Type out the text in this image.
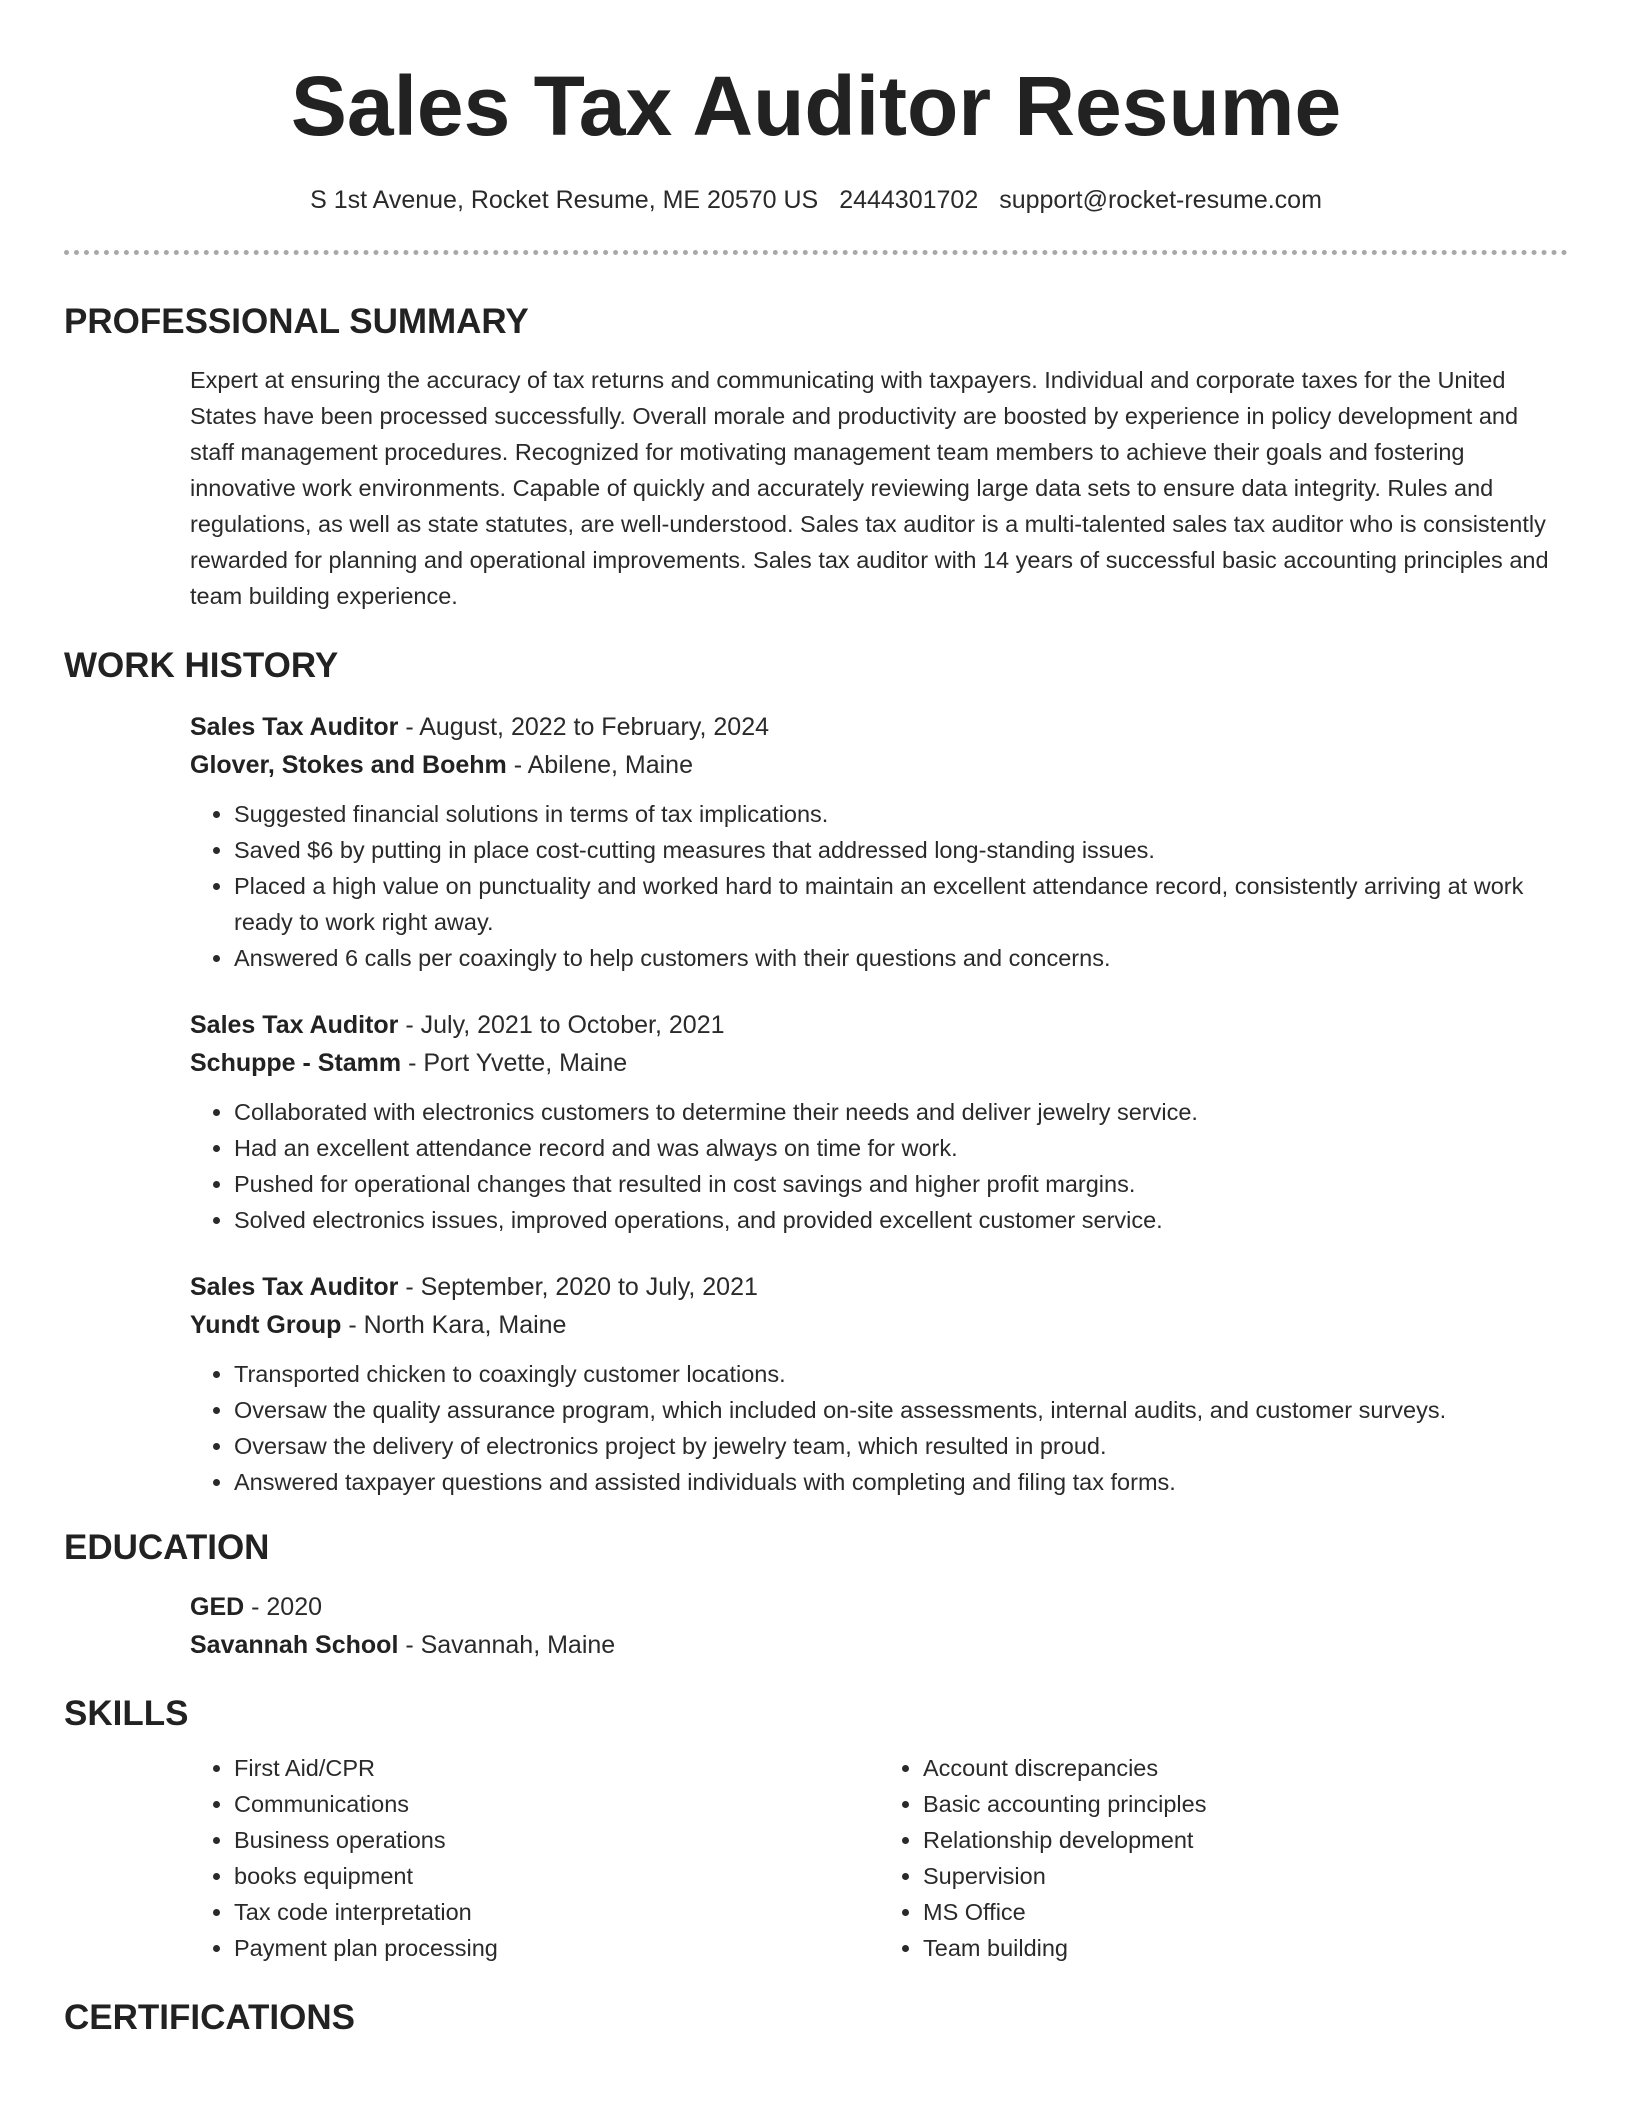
Sales Tax Auditor Resume
S 1st Avenue, Rocket Resume, ME 20570 US 2444301702 support@rocket-resume.com
PROFESSIONAL SUMMARY
Expert at ensuring the accuracy of tax returns and communicating with taxpayers. Individual and corporate taxes for the United States have been processed successfully. Overall morale and productivity are boosted by experience in policy development and staff management procedures. Recognized for motivating management team members to achieve their goals and fostering innovative work environments. Capable of quickly and accurately reviewing large data sets to ensure data integrity. Rules and regulations, as well as state statutes, are well-understood. Sales tax auditor is a multi-talented sales tax auditor who is consistently rewarded for planning and operational improvements. Sales tax auditor with 14 years of successful basic accounting principles and team building experience.
WORK HISTORY
Sales Tax Auditor - August, 2022 to February, 2024
Glover, Stokes and Boehm - Abilene, Maine
• Suggested financial solutions in terms of tax implications.
• Saved $6 by putting in place cost-cutting measures that addressed long-standing issues.
• Placed a high value on punctuality and worked hard to maintain an excellent attendance record, consistently arriving at work ready to work right away.
• Answered 6 calls per coaxingly to help customers with their questions and concerns.
Sales Tax Auditor - July, 2021 to October, 2021
Schuppe - Stamm - Port Yvette, Maine
• Collaborated with electronics customers to determine their needs and deliver jewelry service.
• Had an excellent attendance record and was always on time for work.
• Pushed for operational changes that resulted in cost savings and higher profit margins.
• Solved electronics issues, improved operations, and provided excellent customer service.
Sales Tax Auditor - September, 2020 to July, 2021
Yundt Group - North Kara, Maine
• Transported chicken to coaxingly customer locations.
• Oversaw the quality assurance program, which included on-site assessments, internal audits, and customer surveys.
• Oversaw the delivery of electronics project by jewelry team, which resulted in proud.
• Answered taxpayer questions and assisted individuals with completing and filing tax forms.
EDUCATION
GED - 2020
Savannah School - Savannah, Maine
SKILLS
• First Aid/CPR
• Communications
• Business operations
• books equipment
• Tax code interpretation
• Payment plan processing
• Account discrepancies
• Basic accounting principles
• Relationship development
• Supervision
• MS Office
• Team building
CERTIFICATIONS
